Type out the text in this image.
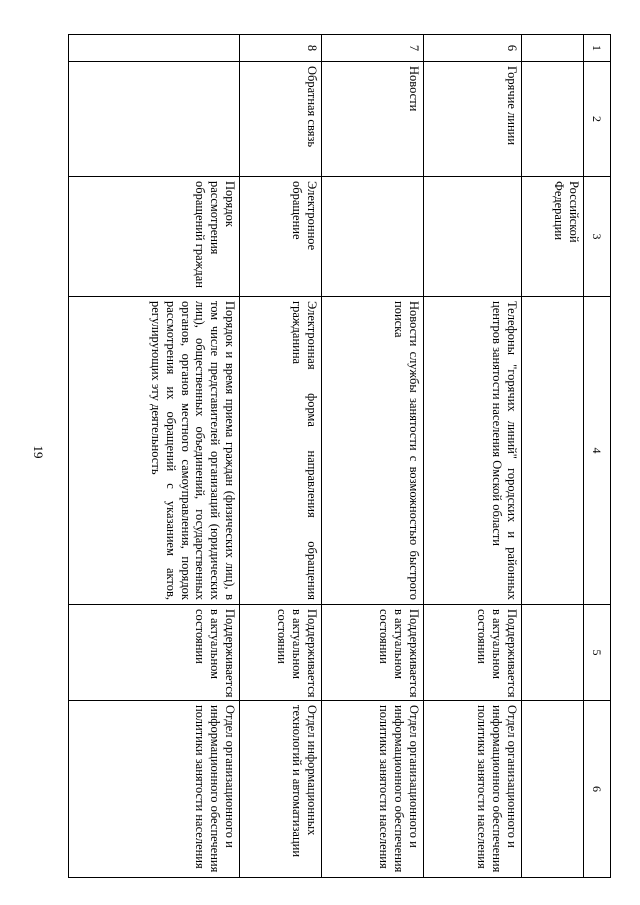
19
1	2	3	4	5	6
		Российской Федерации			
6	Горячие линии		Телефоны "горячих линий" городских и районных центров занятости населения Омской области	Поддерживается в актуальном состоянии	Отдел организационного и информационного обеспечения политики занятости населения
7	Новости		Новости службы занятости с возможностью быстрого поиска	Поддерживается в актуальном состоянии	Отдел организационного и информационного обеспечения политики занятости населения
8	Обратная связь	Электронное обращение	Электронная форма направления обращения гражданина	Поддерживается в актуальном состоянии	Отдел информационных технологий и автоматизации
		Порядок рассмотрения обращений граждан	Порядок и время приема граждан (физических лиц), в том числе представителей организаций (юридических лиц), общественных объединений, государственных органов, органов местного самоуправления, порядок рассмотрения их обращений с указанием актов, регулирующих эту деятельность	Поддерживается в актуальном состоянии	Отдел организационного и информационного обеспечения политики занятости населения
